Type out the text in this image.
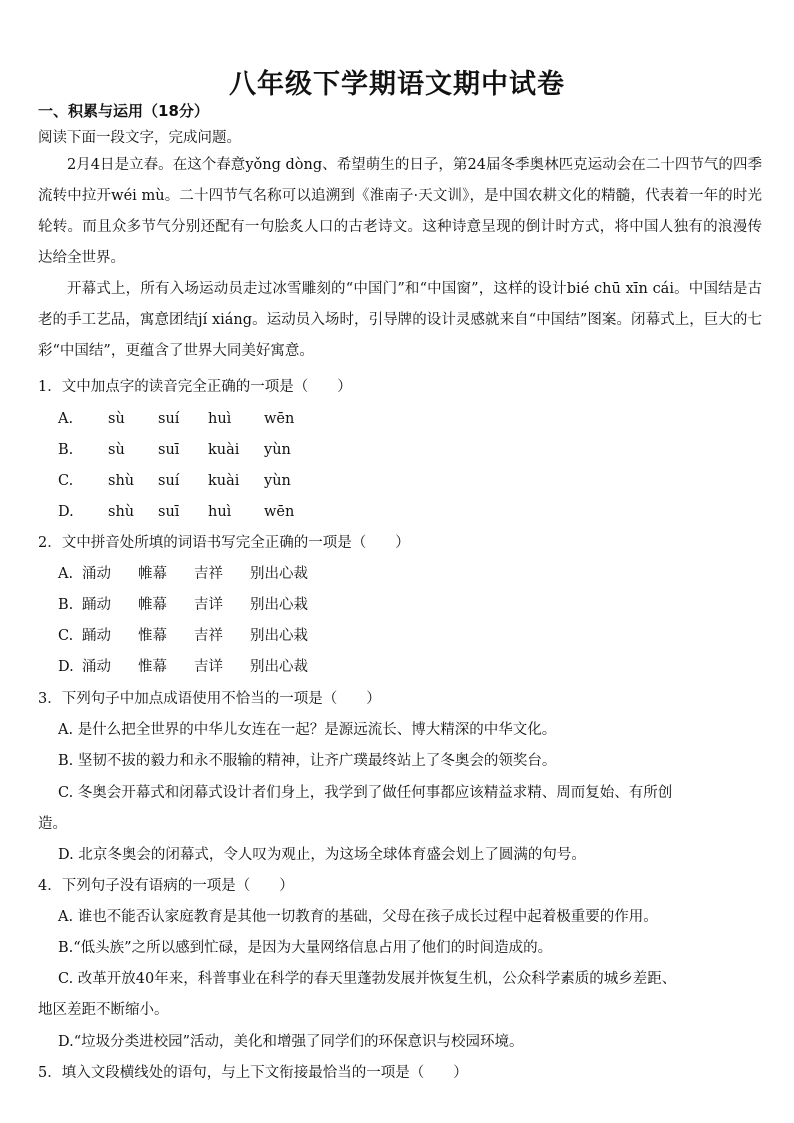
八年级下学期语文期中试卷
一、积累与运用（18分）
阅读下面一段文字，完成问题。

2月4日是立春。在这个春意yǒng dòng、希望萌生的日子，第24届冬季奥林匹克运动会在二十四节气的四季流转中拉开wéi mù。二十四节气名称可以追溯到《淮南子·天文训》，是中国农耕文化的精髓，代表着一年的时光轮转。而且众多节气分别还配有一句脍炙人口的古老诗文。这种诗意呈现的倒计时方式，将中国人独有的浪漫传达给全世界。

开幕式上，所有入场运动员走过冰雪雕刻的“中国门”和“中国窗”，这样的设计bié chū xīn cái。中国结是古老的手工艺品，寓意团结jí xiáng。运动员入场时，引导牌的设计灵感就来自“中国结”图案。闭幕式上，巨大的七彩“中国结”，更蕴含了世界大同美好寓意。

1．文中加点字的读音完全正确的一项是（　　）
A. sù suí huì wēn
B. sù suī kuài yùn
C. shù suí kuài yùn
D. shù suī huì wēn
2．文中拼音处所填的词语书写完全正确的一项是（　　）
A. 涌动 帷幕 吉祥 别出心裁
B. 踊动 帷幕 吉详 别出心栽
C. 踊动 惟幕 吉祥 别出心栽
D. 涌动 惟幕 吉详 别出心裁
3．下列句子中加点成语使用不恰当的一项是（　　）
A. 是什么把全世界的中华儿女连在一起？是源远流长、博大精深的中华文化。
B. 坚韧不拔的毅力和永不服输的精神，让齐广璞最终站上了冬奥会的领奖台。
C. 冬奥会开幕式和闭幕式设计者们身上，我学到了做任何事都应该精益求精、周而复始、有所创
造。
D. 北京冬奥会的闭幕式，令人叹为观止，为这场全球体育盛会划上了圆满的句号。
4．下列句子没有语病的一项是（　　）
A. 谁也不能否认家庭教育是其他一切教育的基础，父母在孩子成长过程中起着极重要的作用。
B.“低头族”之所以感到忙碌，是因为大量网络信息占用了他们的时间造成的。
C. 改革开放40年来，科普事业在科学的春天里蓬勃发展并恢复生机，公众科学素质的城乡差距、
地区差距不断缩小。
D.“垃圾分类进校园”活动，美化和增强了同学们的环保意识与校园环境。
5．填入文段横线处的语句，与上下文衔接最恰当的一项是（　　）
